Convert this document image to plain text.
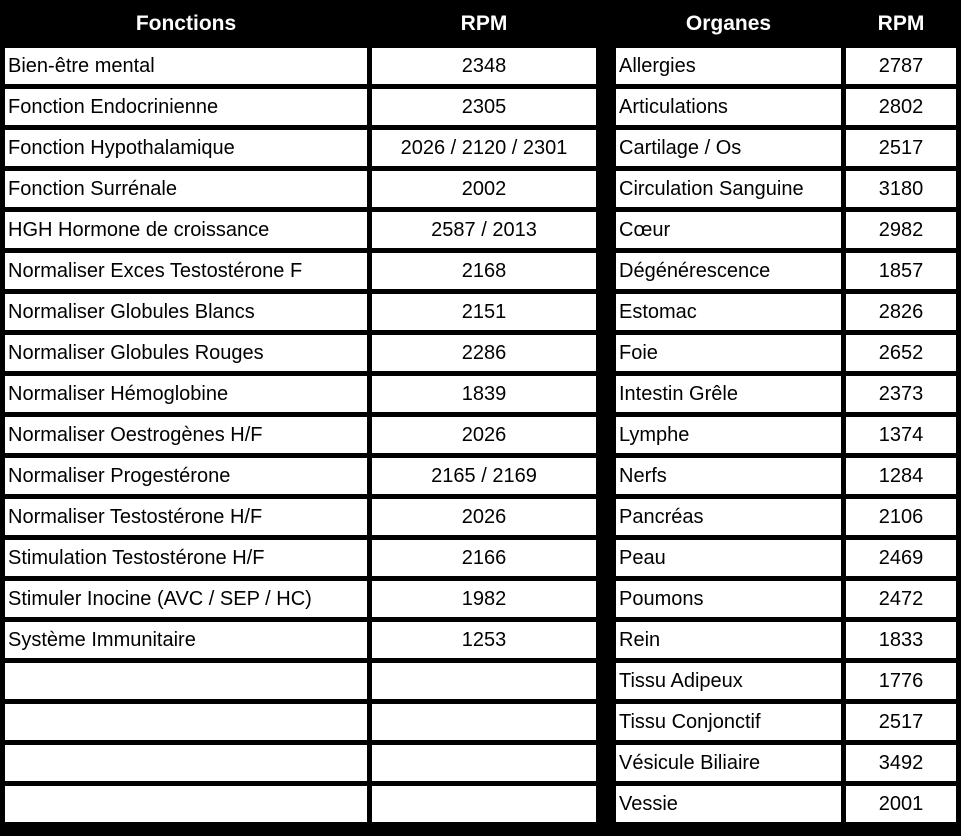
Fonctions	RPM
Bien-être mental	2348
Fonction Endocrinienne	2305
Fonction Hypothalamique	2026 / 2120 / 2301
Fonction Surrénale	2002
HGH Hormone de croissance	2587 / 2013
Normaliser Exces Testostérone F	2168
Normaliser Globules Blancs	2151
Normaliser Globules Rouges	2286
Normaliser Hémoglobine	1839
Normaliser Oestrogènes H/F	2026
Normaliser Progestérone	2165 / 2169
Normaliser Testostérone H/F	2026
Stimulation Testostérone H/F	2166
Stimuler Inocine (AVC / SEP / HC)	1982
Système Immunitaire	1253

Organes	RPM
Allergies	2787
Articulations	2802
Cartilage / Os	2517
Circulation Sanguine	3180
Cœur	2982
Dégénérescence	1857
Estomac	2826
Foie	2652
Intestin Grêle	2373
Lymphe	1374
Nerfs	1284
Pancréas	2106
Peau	2469
Poumons	2472
Rein	1833
Tissu Adipeux	1776
Tissu Conjonctif	2517
Vésicule Biliaire	3492
Vessie	2001
